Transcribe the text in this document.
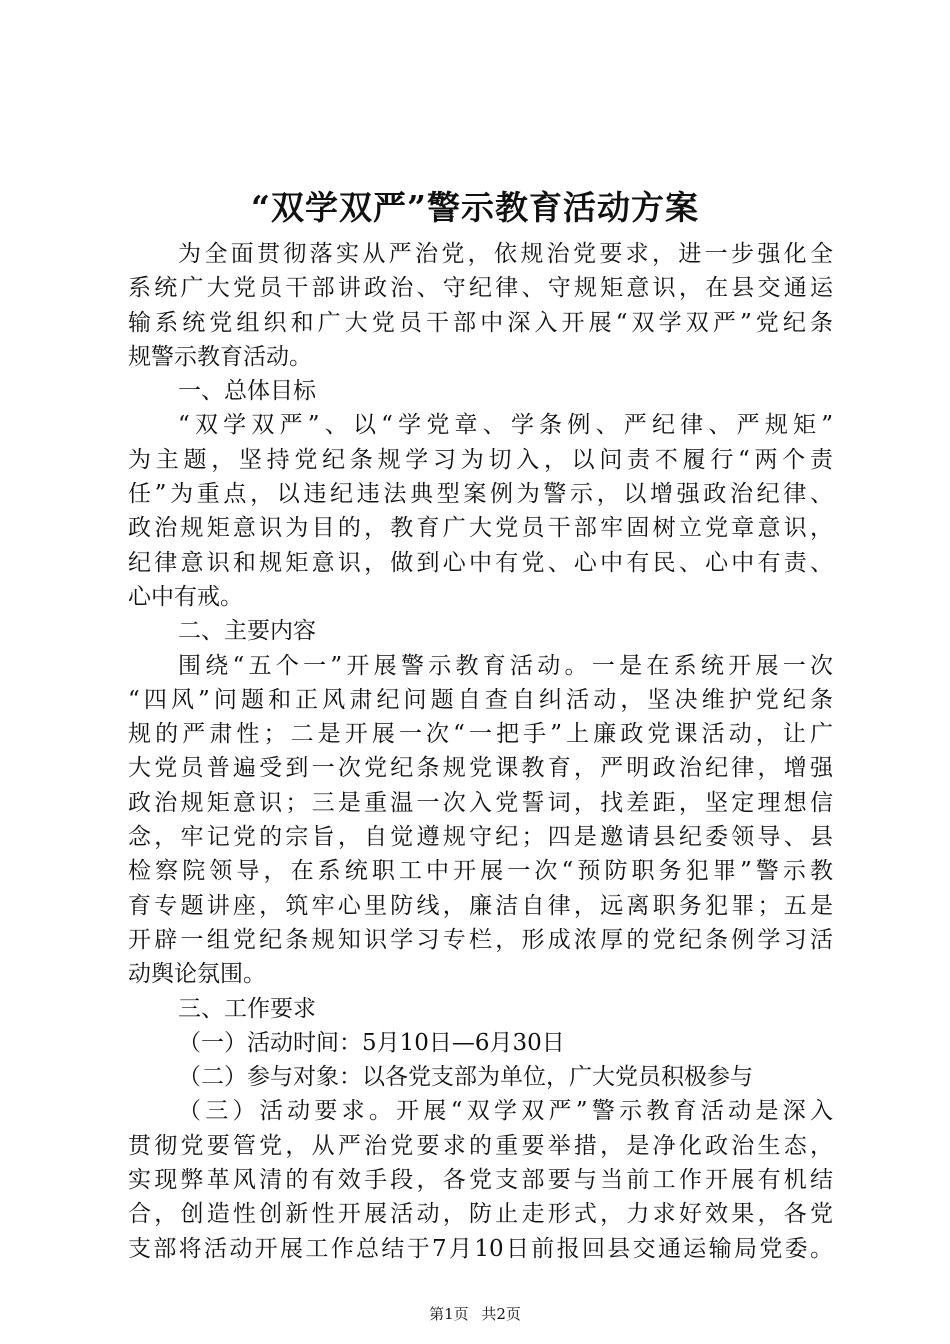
“双学双严”警示教育活动方案
为全面贯彻落实从严治党，依规治党要求，进一步强化全
系统广大党员干部讲政治、守纪律、守规矩意识，在县交通运
输系统党组织和广大党员干部中深入开展“双学双严”党纪条
规警示教育活动。
一、总体目标
“双学双严”、以“学党章、学条例、严纪律、严规矩”
为主题，坚持党纪条规学习为切入，以问责不履行“两个责
任”为重点，以违纪违法典型案例为警示，以增强政治纪律、
政治规矩意识为目的，教育广大党员干部牢固树立党章意识，
纪律意识和规矩意识，做到心中有党、心中有民、心中有责、
心中有戒。
二、主要内容
围绕“五个一”开展警示教育活动。一是在系统开展一次
“四风”问题和正风肃纪问题自查自纠活动，坚决维护党纪条
规的严肃性；二是开展一次“一把手”上廉政党课活动，让广
大党员普遍受到一次党纪条规党课教育，严明政治纪律，增强
政治规矩意识；三是重温一次入党誓词，找差距，坚定理想信
念，牢记党的宗旨，自觉遵规守纪；四是邀请县纪委领导、县
检察院领导，在系统职工中开展一次“预防职务犯罪”警示教
育专题讲座，筑牢心里防线，廉洁自律，远离职务犯罪；五是
开辟一组党纪条规知识学习专栏，形成浓厚的党纪条例学习活
动舆论氛围。
三、工作要求
（一）活动时间：5月10日—6月30日
（二）参与对象：以各党支部为单位，广大党员积极参与
（三）活动要求。开展“双学双严”警示教育活动是深入
贯彻党要管党，从严治党要求的重要举措，是净化政治生态，
实现弊革风清的有效手段，各党支部要与当前工作开展有机结
合，创造性创新性开展活动，防止走形式，力求好效果，各党
支部将活动开展工作总结于7月10日前报回县交通运输局党委。
第1页 共2页
